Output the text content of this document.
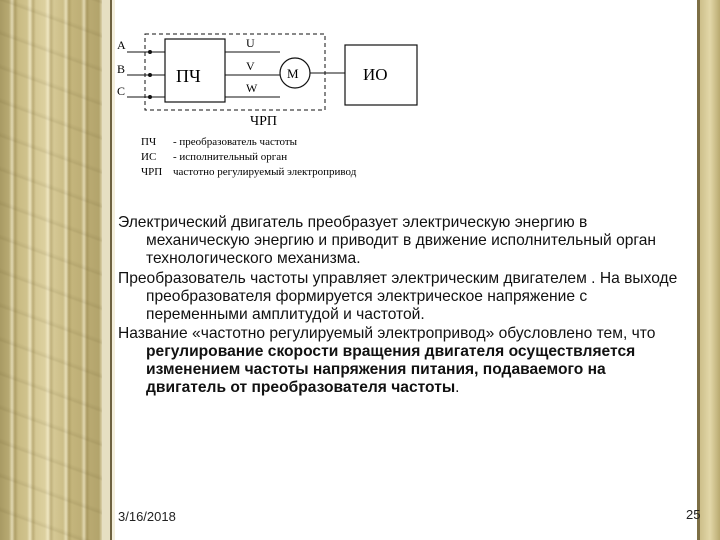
A
B
C
ПЧ
U
V
W
М	ИО
ЧРП
ПЧ - преобразователь частоты
ИС - исполнительный орган
ЧРП частотно регулируемый электропривод

Электрический двигатель преобразует электрическую энергию в механическую энергию и приводит в движение исполнительный орган технологического механизма.

Преобразователь частоты управляет электрическим двигателем . На выходе преобразователя формируется электрическое напряжение с переменными амплитудой и частотой.

Название «частотно регулируемый электропривод» обусловлено тем, что регулирование скорости вращения двигателя осуществляется изменением частоты напряжения питания, подаваемого на двигатель от преобразователя частоты.

3/16/2018	25
